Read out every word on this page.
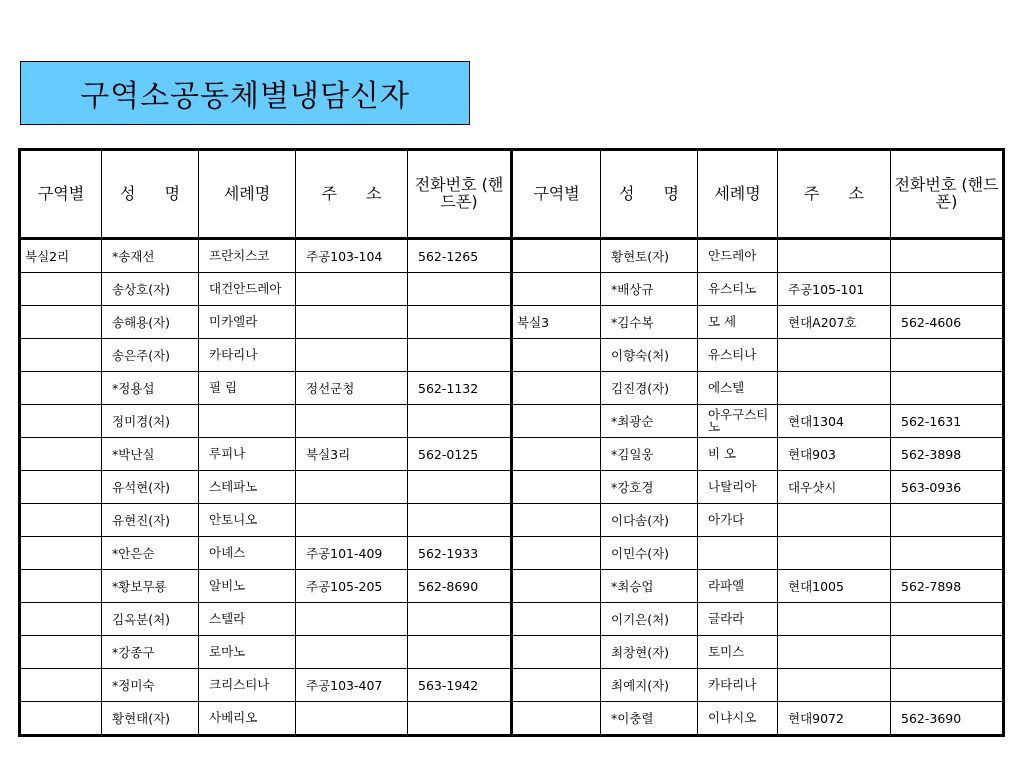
구역소공동체별냉담신자
구역별	성 명	세례명	주 소	전화번호 (핸드폰)	구역별	성 명	세례명	주 소	전화번호 (핸드폰)
북실2리	*송재선	프란치스코	주공103-104	562-1265		황현토(자)	안드레아		
	송상호(자)	대건안드레아				*배상규	유스티노	주공105-101	
	송해용(자)	미카엘라			북실3	*김수복	모 세	현대A207호	562-4606
	송은주(자)	카타리나				이향숙(처)	유스티나		
	*정용섭	필 립	정선군청	562-1132		김진경(자)	에스텔		
	정미경(처)					*최광순	아우구스티노	현대1304	562-1631
	*박난실	루피나	북실3리	562-0125		*김일웅	비 오	현대903	562-3898
	유석현(자)	스테파노				*강호경	나탈리아	대우샷시	563-0936
	유현진(자)	안토니오				이다솜(자)	아가다		
	*안은순	아녜스	주공101-409	562-1933		이민수(자)			
	*황보무룡	알비노	주공105-205	562-8690		*최승업	라파엘	현대1005	562-7898
	김옥분(처)	스텔라				이기은(처)	글라라		
	*강종구	로마노				최창현(자)	토미스		
	*정미숙	크리스티나	주공103-407	563-1942		최예지(자)	카타리나		
	황현태(자)	사베리오				*이충렬	이냐시오	현대9072	562-3690
